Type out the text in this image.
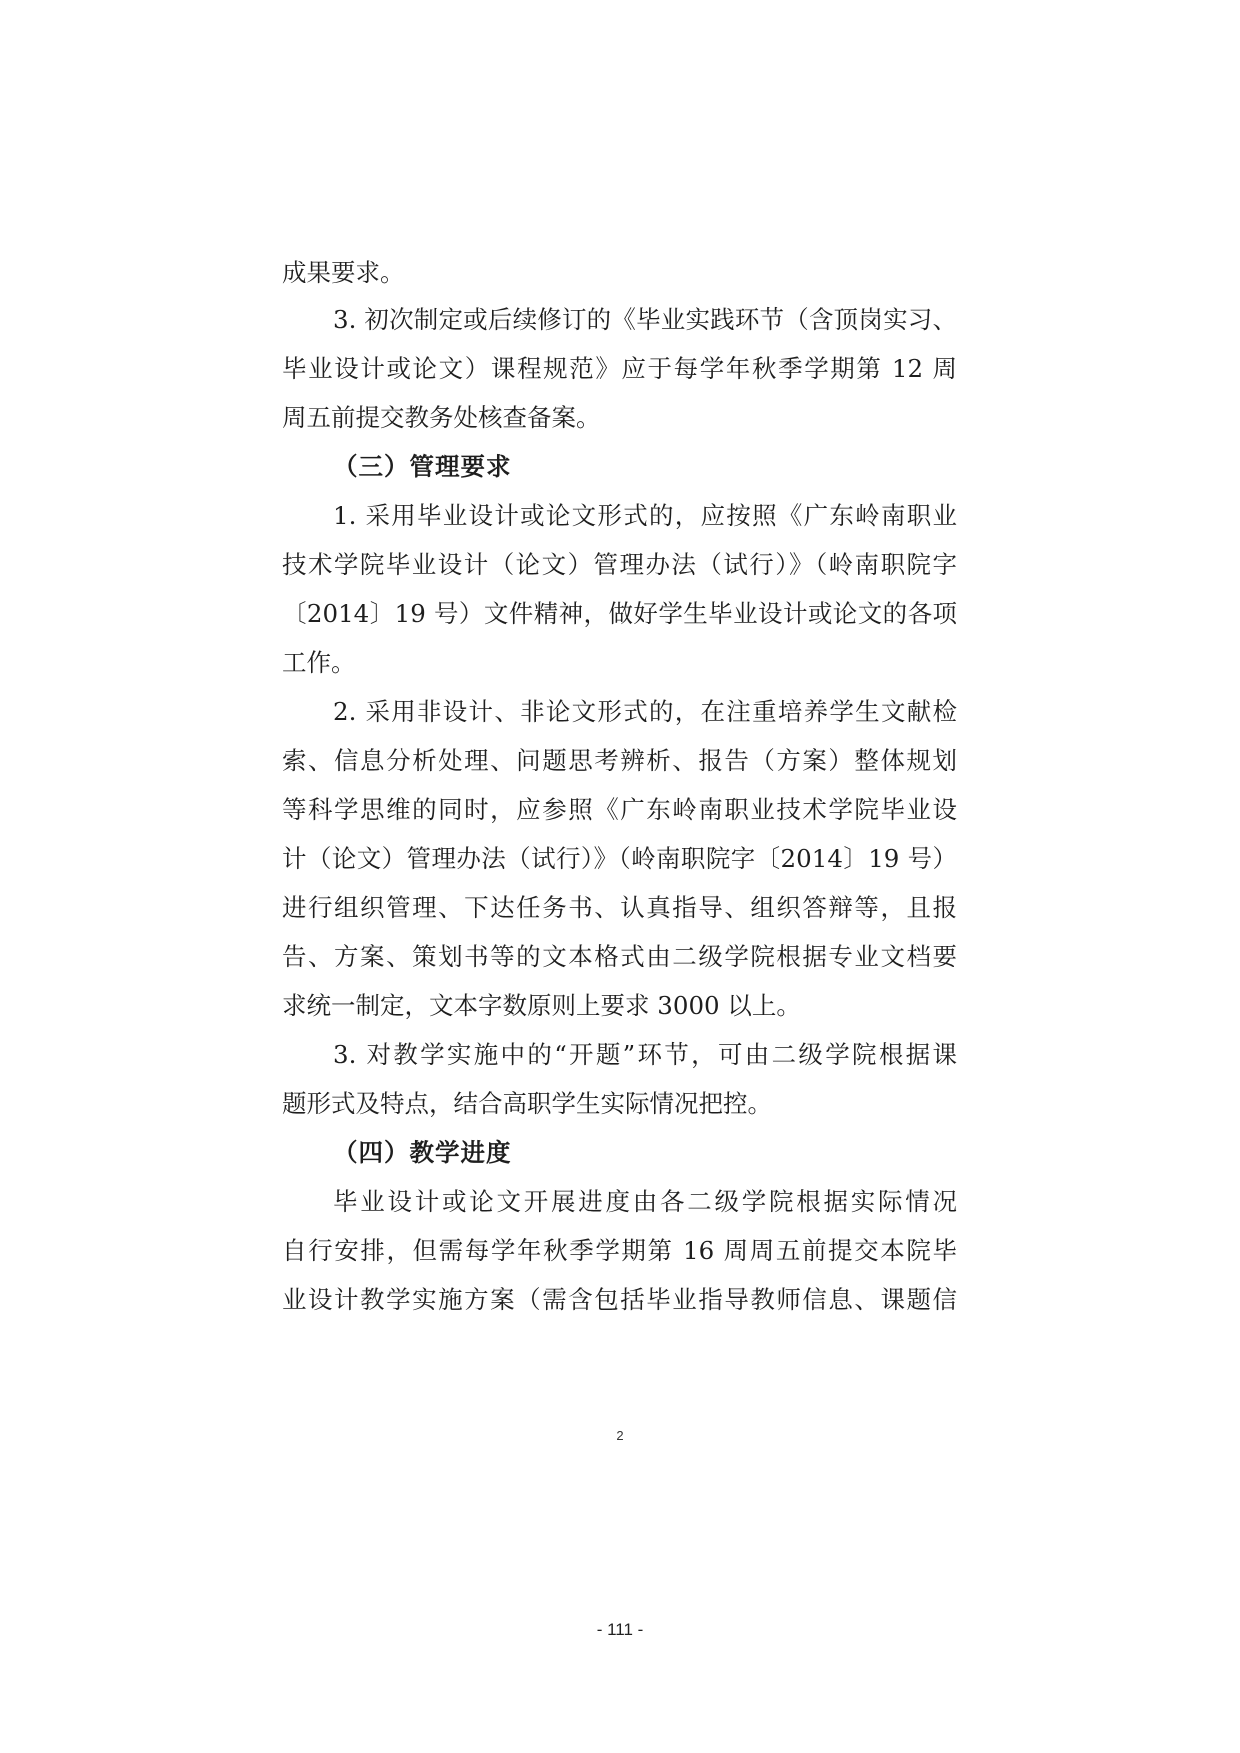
成果要求。
3. 初次制定或后续修订的《毕业实践环节（含顶岗实习、
毕业设计或论文）课程规范》应于每学年秋季学期第 12 周
周五前提交教务处核查备案。
（三）管理要求
1. 采用毕业设计或论文形式的，应按照《广东岭南职业
技术学院毕业设计（论文）管理办法（试行）》（岭南职院字
〔2014〕19 号）文件精神，做好学生毕业设计或论文的各项
工作。
2. 采用非设计、非论文形式的，在注重培养学生文献检
索、信息分析处理、问题思考辨析、报告（方案）整体规划
等科学思维的同时，应参照《广东岭南职业技术学院毕业设
计（论文）管理办法（试行）》（岭南职院字〔2014〕19 号）
进行组织管理、下达任务书、认真指导、组织答辩等，且报
告、方案、策划书等的文本格式由二级学院根据专业文档要
求统一制定，文本字数原则上要求 3000 以上。
3. 对教学实施中的“开题”环节，可由二级学院根据课
题形式及特点，结合高职学生实际情况把控。
（四）教学进度
毕业设计或论文开展进度由各二级学院根据实际情况
自行安排，但需每学年秋季学期第 16 周周五前提交本院毕
业设计教学实施方案（需含包括毕业指导教师信息、课题信
2
- 111 -
